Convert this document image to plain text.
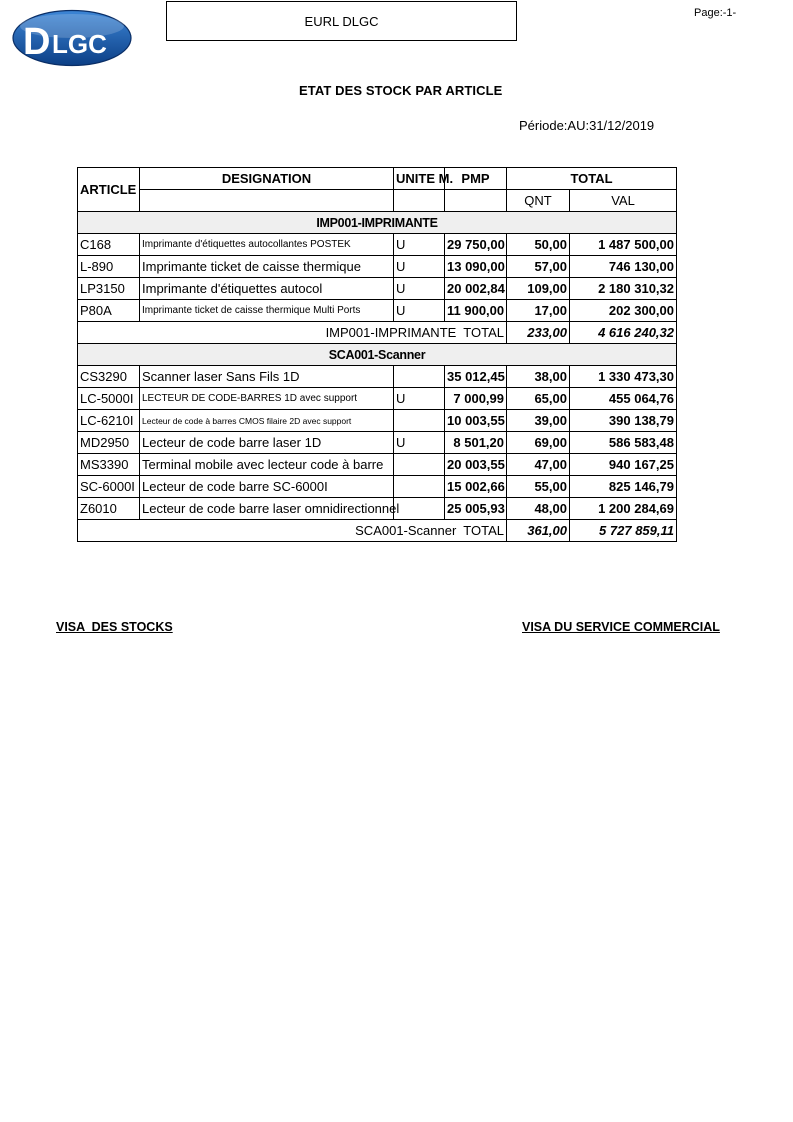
D LGC
EURL DLGC
Page:-1-
ETAT DES STOCK PAR ARTICLE
Période:AU:31/12/2019
ARTICLE	DESIGNATION	UNITE M.	PMP	TOTAL	
				QNT	VAL
IMP001-IMPRIMANTE					
C168	Imprimante d'étiquettes autocollantes POSTEK	U	29 750,00	50,00	1 487 500,00
L-890	Imprimante ticket de caisse thermique	U	13 090,00	57,00	746 130,00
LP3150	Imprimante d'étiquettes autocol	U	20 002,84	109,00	2 180 310,32
P80A	Imprimante ticket de caisse thermique Multi Ports	U	11 900,00	17,00	202 300,00
IMP001-IMPRIMANTE  TOTAL				233,00	4 616 240,32
SCA001-Scanner					
CS3290	Scanner laser Sans Fils 1D		35 012,45	38,00	1 330 473,30
LC-5000I	LECTEUR DE CODE-BARRES 1D avec support	U	7 000,99	65,00	455 064,76
LC-6210I	Lecteur de code à barres CMOS filaire 2D avec support		10 003,55	39,00	390 138,79
MD2950	Lecteur de code barre laser 1D	U	8 501,20	69,00	586 583,48
MS3390	Terminal mobile avec lecteur code à barre		20 003,55	47,00	940 167,25
SC-6000I	Lecteur de code barre SC-6000I		15 002,66	55,00	825 146,79
Z6010	Lecteur de code barre laser omnidirectionnel		25 005,93	48,00	1 200 284,69
SCA001-Scanner  TOTAL				361,00	5 727 859,11
VISA  DES STOCKS	VISA DU SERVICE COMMERCIAL
